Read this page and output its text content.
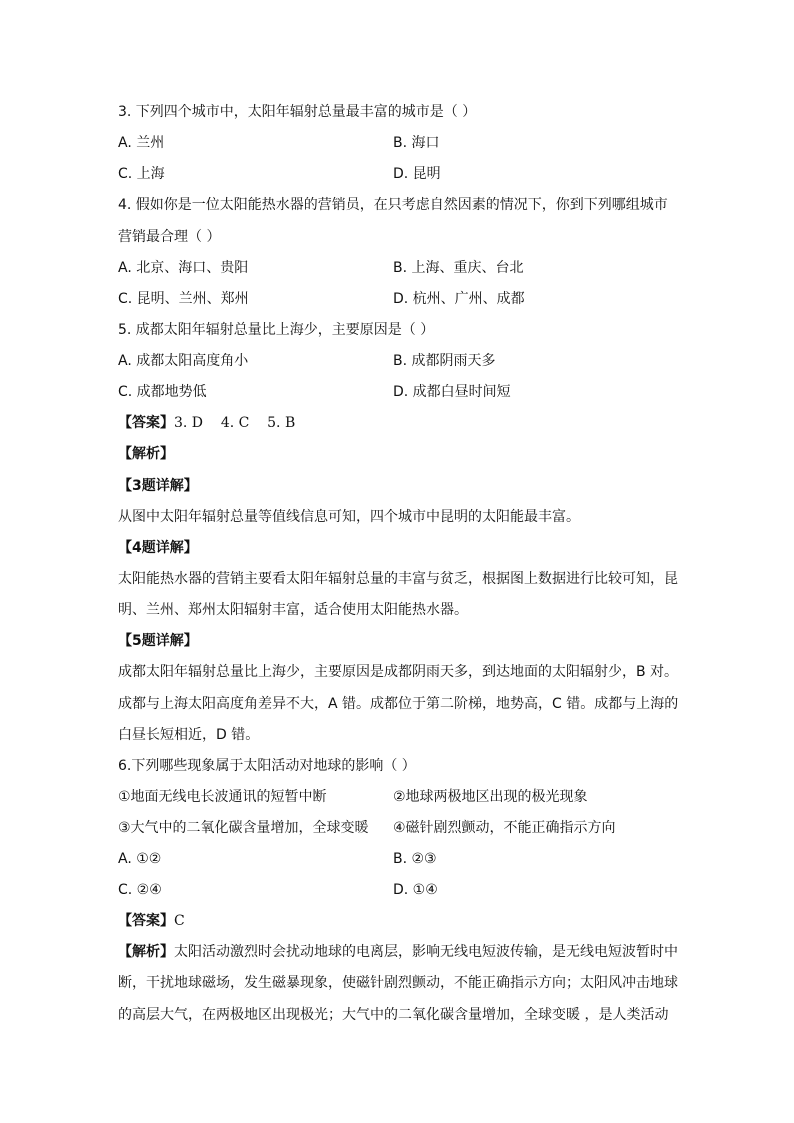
3. 下列四个城市中，太阳年辐射总量最丰富的城市是（ ）
A. 兰州	B. 海口
C. 上海	D. 昆明
4. 假如你是一位太阳能热水器的营销员，在只考虑自然因素的情况下，你到下列哪组城市
营销最合理（ ）
A. 北京、海口、贵阳	B. 上海、重庆、台北
C. 昆明、兰州、郑州	D. 杭州、广州、成都
5. 成都太阳年辐射总量比上海少，主要原因是（ ）
A. 成都太阳高度角小	B. 成都阴雨天多
C. 成都地势低	D. 成都白昼时间短
【答案】3. D    4. C    5. B
【解析】
【3题详解】
从图中太阳年辐射总量等值线信息可知，四个城市中昆明的太阳能最丰富。
【4题详解】
太阳能热水器的营销主要看太阳年辐射总量的丰富与贫乏，根据图上数据进行比较可知，昆
明、兰州、郑州太阳辐射丰富，适合使用太阳能热水器。
【5题详解】
成都太阳年辐射总量比上海少，主要原因是成都阴雨天多，到达地面的太阳辐射少，B 对。
成都与上海太阳高度角差异不大，A 错。成都位于第二阶梯，地势高，C 错。成都与上海的
白昼长短相近，D 错。
6.下列哪些现象属于太阳活动对地球的影响（ ）
①地面无线电长波通讯的短暂中断	②地球两极地区出现的极光现象
③大气中的二氧化碳含量增加，全球变暖 ④磁针剧烈颤动，不能正确指示方向
A. ①②	B. ②③
C. ②④	D. ①④
【答案】C
【解析】太阳活动激烈时会扰动地球的电离层，影响无线电短波传输，是无线电短波暂时中
断，干扰地球磁场，发生磁暴现象，使磁针剧烈颤动，不能正确指示方向；太阳风冲击地球
的高层大气，在两极地区出现极光；大气中的二氧化碳含量增加，全球变暖 ，是人类活动
